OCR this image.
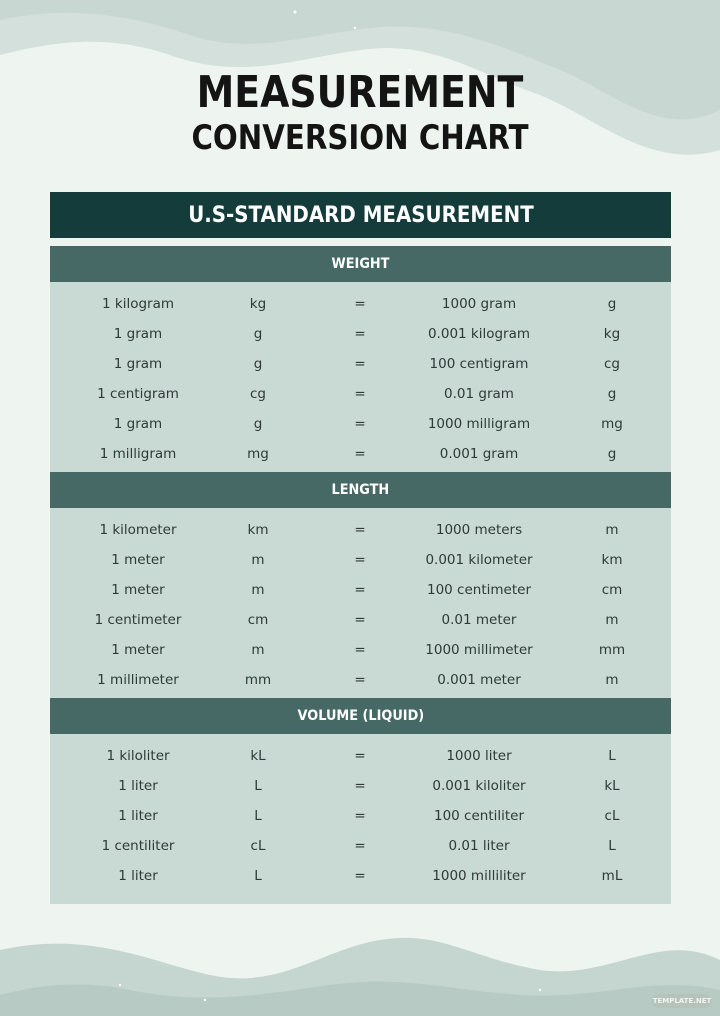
MEASUREMENT
CONVERSION CHART
U.S-STANDARD MEASUREMENT
WEIGHT
1 kilogram	kg	=	1000 gram	g
1 gram	g	=	0.001 kilogram	kg
1 gram	g	=	100 centigram	cg
1 centigram	cg	=	0.01 gram	g
1 gram	g	=	1000 milligram	mg
1 milligram	mg	=	0.001 gram	g
LENGTH
1 kilometer	km	=	1000 meters	m
1 meter	m	=	0.001 kilometer	km
1 meter	m	=	100 centimeter	cm
1 centimeter	cm	=	0.01 meter	m
1 meter	m	=	1000 millimeter	mm
1 millimeter	mm	=	0.001 meter	m
VOLUME (LIQUID)
1 kiloliter	kL	=	1000 liter	L
1 liter	L	=	0.001 kiloliter	kL
1 liter	L	=	100 centiliter	cL
1 centiliter	cL	=	0.01 liter	L
1 liter	L	=	1000 milliliter	mL
TEMPLATE.NET
